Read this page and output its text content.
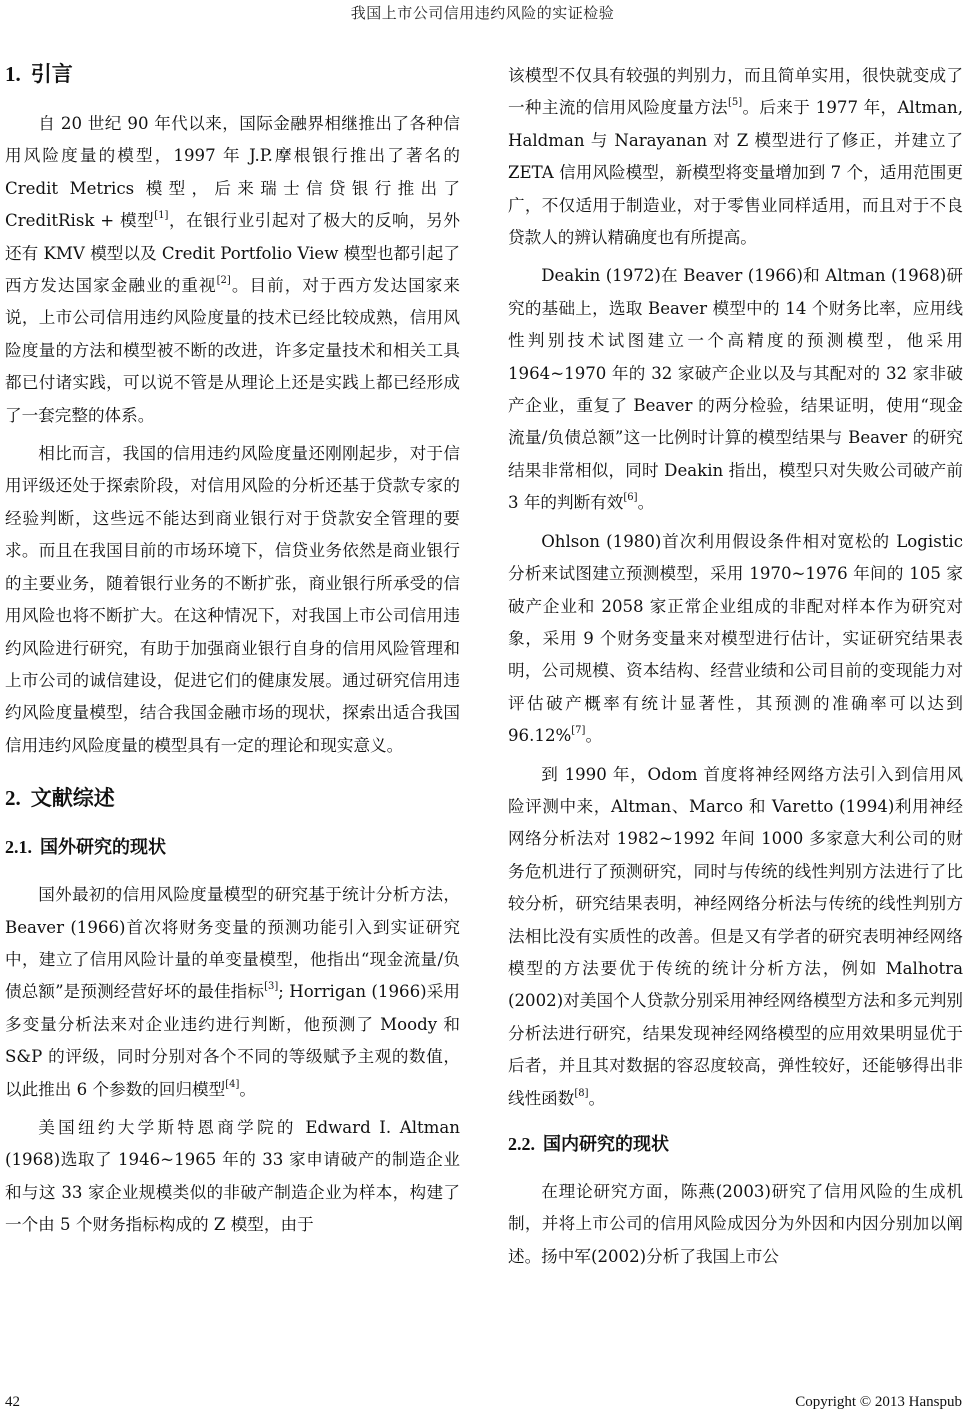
我国上市公司信用违约风险的实证检验
1. 引言

自 20 世纪 90 年代以来，国际金融界相继推出了各种信用风险度量的模型，1997 年 J.P.摩根银行推出了著名的 Credit Metrics 模型，后来瑞士信贷银行推出了 CreditRisk + 模型[1]，在银行业引起对了极大的反响，另外还有 KMV 模型以及 Credit Portfolio View 模型也都引起了西方发达国家金融业的重视[2]。目前，对于西方发达国家来说，上市公司信用违约风险度量的技术已经比较成熟，信用风险度量的方法和模型被不断的改进，许多定量技术和相关工具都已付诸实践，可以说不管是从理论上还是实践上都已经形成了一套完整的体系。

相比而言，我国的信用违约风险度量还刚刚起步，对于信用评级还处于探索阶段，对信用风险的分析还基于贷款专家的经验判断，这些远不能达到商业银行对于贷款安全管理的要求。而且在我国目前的市场环境下，信贷业务依然是商业银行的主要业务，随着银行业务的不断扩张，商业银行所承受的信用风险也将不断扩大。在这种情况下，对我国上市公司信用违约风险进行研究，有助于加强商业银行自身的信用风险管理和上市公司的诚信建设，促进它们的健康发展。通过研究信用违约风险度量模型，结合我国金融市场的现状，探索出适合我国信用违约风险度量的模型具有一定的理论和现实意义。

2. 文献综述
2.1. 国外研究的现状

国外最初的信用风险度量模型的研究基于统计分析方法，Beaver (1966)首次将财务变量的预测功能引入到实证研究中，建立了信用风险计量的单变量模型，他指出“现金流量/负债总额”是预测经营好坏的最佳指标[3]; Horrigan (1966)采用多变量分析法来对企业违约进行判断，他预测了 Moody 和 S&P 的评级，同时分别对各个不同的等级赋予主观的数值，以此推出 6 个参数的回归模型[4]。

美国纽约大学斯特恩商学院的 Edward I. Altman (1968)选取了 1946~1965 年的 33 家申请破产的制造企业和与这 33 家企业规模类似的非破产制造企业为样本，构建了一个由 5 个财务指标构成的 Z 模型，由于

该模型不仅具有较强的判别力，而且简单实用，很快就变成了一种主流的信用风险度量方法[5]。后来于 1977 年，Altman, Haldman 与 Narayanan 对 Z 模型进行了修正，并建立了 ZETA 信用风险模型，新模型将变量增加到 7 个，适用范围更广，不仅适用于制造业，对于零售业同样适用，而且对于不良贷款人的辨认精确度也有所提高。

Deakin (1972)在 Beaver (1966)和 Altman (1968)研究的基础上，选取 Beaver 模型中的 14 个财务比率，应用线性判别技术试图建立一个高精度的预测模型，他采用 1964~1970 年的 32 家破产企业以及与其配对的 32 家非破产企业，重复了 Beaver 的两分检验，结果证明，使用“现金流量/负债总额”这一比例时计算的模型结果与 Beaver 的研究结果非常相似，同时 Deakin 指出，模型只对失败公司破产前 3 年的判断有效[6]。

Ohlson (1980)首次利用假设条件相对宽松的 Logistic 分析来试图建立预测模型，采用 1970~1976 年间的 105 家破产企业和 2058 家正常企业组成的非配对样本作为研究对象，采用 9 个财务变量来对模型进行估计，实证研究结果表明，公司规模、资本结构、经营业绩和公司目前的变现能力对评估破产概率有统计显著性，其预测的准确率可以达到 96.12%[7]。

到 1990 年，Odom 首度将神经网络方法引入到信用风险评测中来，Altman、Marco 和 Varetto (1994)利用神经网络分析法对 1982~1992 年间 1000 多家意大利公司的财务危机进行了预测研究，同时与传统的线性判别方法进行了比较分析，研究结果表明，神经网络分析法与传统的线性判别方法相比没有实质性的改善。但是又有学者的研究表明神经网络模型的方法要优于传统的统计分析方法，例如 Malhotra (2002)对美国个人贷款分别采用神经网络模型方法和多元判别分析法进行研究，结果发现神经网络模型的应用效果明显优于后者，并且其对数据的容忍度较高，弹性较好，还能够得出非线性函数[8]。

2.2. 国内研究的现状

在理论研究方面，陈燕(2003)研究了信用风险的生成机制，并将上市公司的信用风险成因分为外因和内因分别加以阐述。扬中军(2002)分析了我国上市公

42	Copyright © 2013 Hanspub
